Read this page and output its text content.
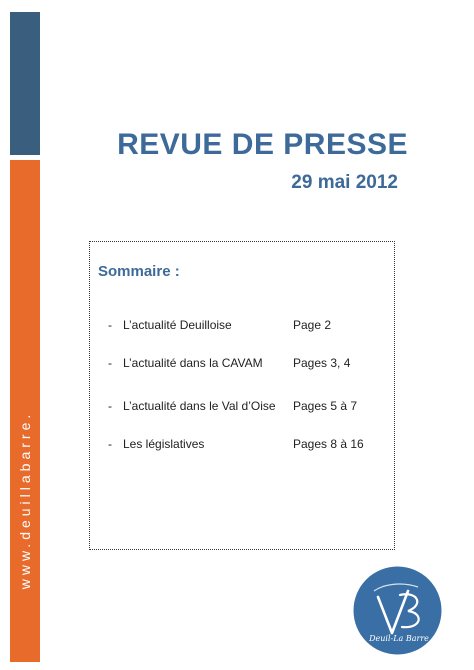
www.deuillabarre.
REVUE DE PRESSE
29 mai 2012
Sommaire :
- L’actualité Deuilloise	Page 2
- L’actualité dans la CAVAM	Pages 3, 4
- L’actualité dans le Val d’Oise Pages 5 à 7
- Les législatives	Pages 8 à 16
Deuil-La Barre
